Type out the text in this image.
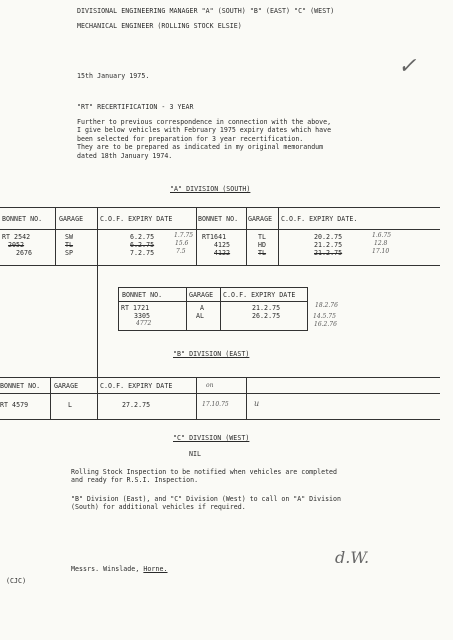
DIVISIONAL ENGINEERING MANAGER "A" (SOUTH) "B" (EAST) "C" (WEST)
MECHANICAL ENGINEER (ROLLING STOCK ELSIE)
✓
15th January 1975.
"RT" RECERTIFICATION - 3 YEAR
Further to previous correspondence in connection with the above,
I give below vehicles with February 1975 expiry dates which have
been selected for preparation for 3 year recertification.
They are to be prepared as indicated in my original memorandum
dated 18th January 1974.
"A" DIVISION (SOUTH)
BONNET NO.	GARAGE	C.O.F. EXPIRY DATE	BONNET NO. GARAGE C.O.F. EXPIRY DATE.
RT 2542	SW	6.2.75	1.7.75
2052	TL	6.2.75	15.6
2676	SP	7.2.75	7.5
RT1641	TL	20.2.75	1.6.75
4125	HD	21.2.75	12.8
4122	TL	21.2.75	17.10
BONNET NO.	GARAGE C.O.F. EXPIRY DATE
RT 1721	A	21.2.75	18.2.76
3305	AL	26.2.75	14.5.75
4772	16.2.76
"B" DIVISION (EAST)
BONNET NO. GARAGE	C.O.F. EXPIRY DATE	on
RT 4579	L	27.2.75	17.10.75	u
"C" DIVISION (WEST)
NIL
Rolling Stock Inspection to be notified when vehicles are completed
and ready for R.S.I. Inspection.
"B" Division (East), and "C" Division (West) to call on "A" Division
(South) for additional vehicles if required.
d.W.
Messrs. Winslade, Horne.
(CJC)
